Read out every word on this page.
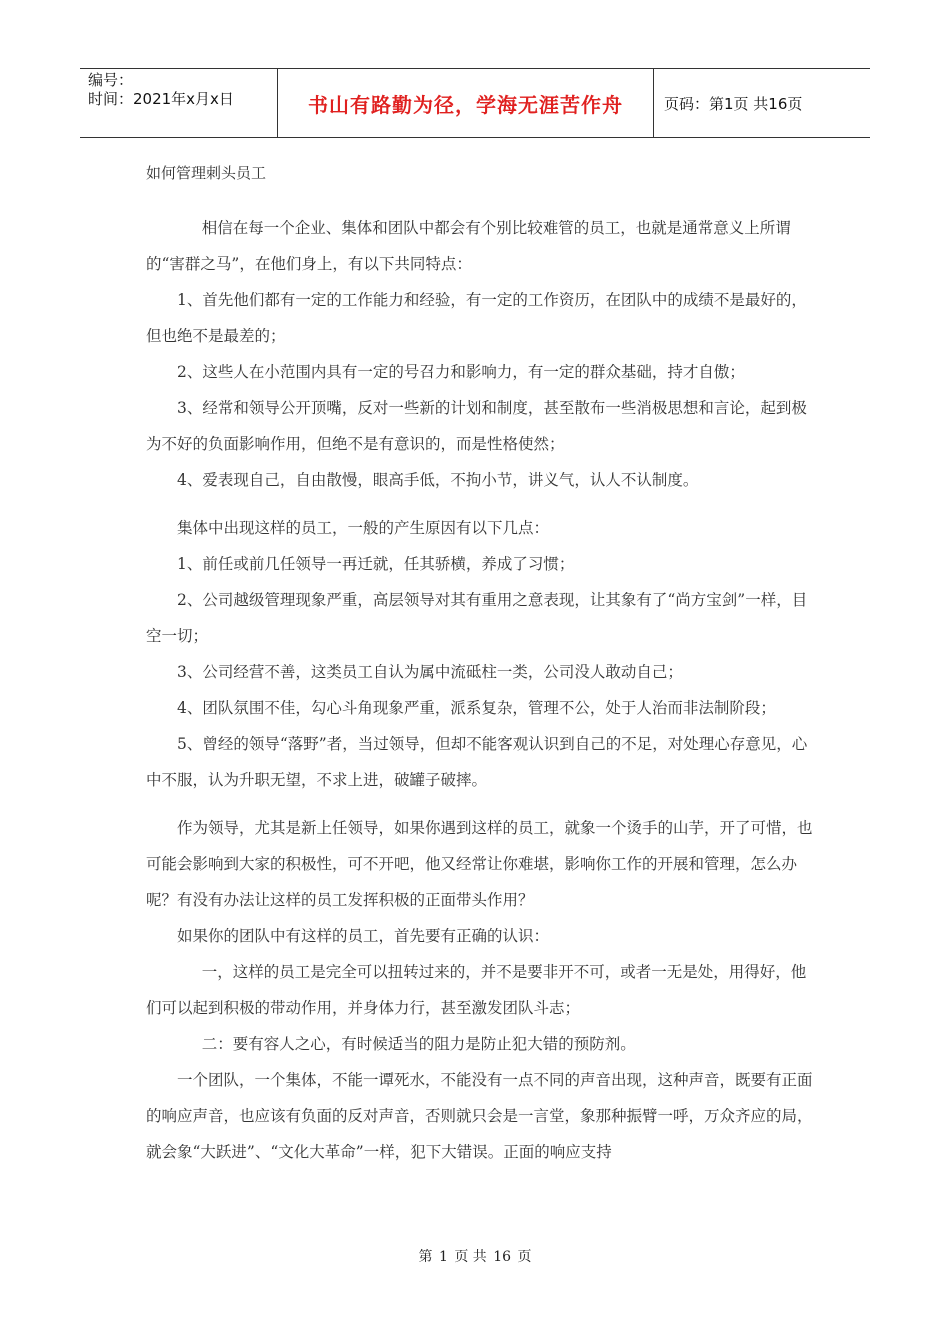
编号：
时间：2021年x月x日	书山有路勤为径，学海无涯苦作舟	页码：第1页 共16页
如何管理刺头员工

相信在每一个企业、集体和团队中都会有个别比较难管的员工，也就是通常意义上所谓的“害群之马”，在他们身上，有以下共同特点：

1、首先他们都有一定的工作能力和经验，有一定的工作资历，在团队中的成绩不是最好的，但也绝不是最差的；

2、这些人在小范围内具有一定的号召力和影响力，有一定的群众基础，持才自傲；

3、经常和领导公开顶嘴，反对一些新的计划和制度，甚至散布一些消极思想和言论，起到极为不好的负面影响作用，但绝不是有意识的，而是性格使然；

4、爱表现自己，自由散慢，眼高手低，不拘小节，讲义气，认人不认制度。

集体中出现这样的员工，一般的产生原因有以下几点：

1、前任或前几任领导一再迁就，任其骄横，养成了习惯；

2、公司越级管理现象严重，高层领导对其有重用之意表现，让其象有了“尚方宝剑”一样，目空一切；

3、公司经营不善，这类员工自认为属中流砥柱一类，公司没人敢动自己；

4、团队氛围不佳，勾心斗角现象严重，派系复杂，管理不公，处于人治而非法制阶段；

5、曾经的领导“落野”者，当过领导，但却不能客观认识到自己的不足，对处理心存意见，心中不服，认为升职无望，不求上进，破罐子破摔。

作为领导，尤其是新上任领导，如果你遇到这样的员工，就象一个烫手的山芋，开了可惜，也可能会影响到大家的积极性，可不开吧，他又经常让你难堪，影响你工作的开展和管理，怎么办呢？有没有办法让这样的员工发挥积极的正面带头作用？

如果你的团队中有这样的员工，首先要有正确的认识：

一，这样的员工是完全可以扭转过来的，并不是要非开不可，或者一无是处，用得好，他们可以起到积极的带动作用，并身体力行，甚至激发团队斗志；

二：要有容人之心，有时候适当的阻力是防止犯大错的预防剂。

一个团队，一个集体，不能一谭死水，不能没有一点不同的声音出现，这种声音，既要有正面的响应声音，也应该有负面的反对声音，否则就只会是一言堂，象那种振臂一呼，万众齐应的局，就会象“大跃进”、“文化大革命”一样，犯下大错误。正面的响应支持

第 1 页 共 16 页
